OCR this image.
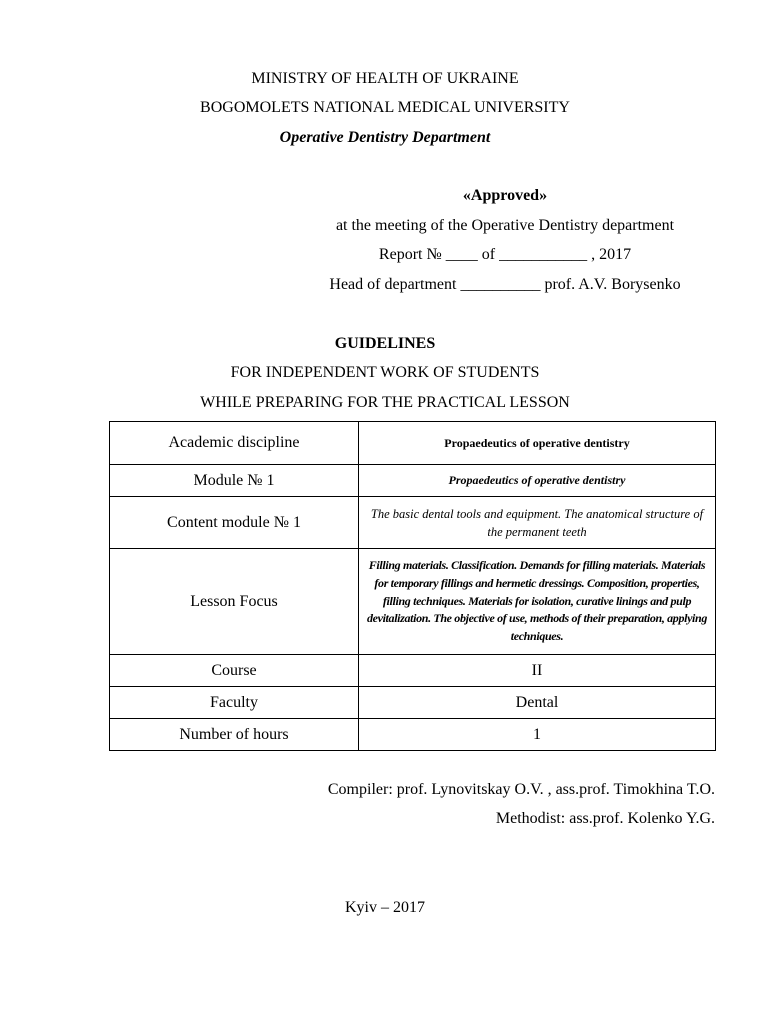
MINISTRY OF HEALTH OF UKRAINE
BOGOMOLETS NATIONAL MEDICAL UNIVERSITY
Operative Dentistry Department
«Approved»
at the meeting of the Operative Dentistry department
Report № ____ of ___________ , 2017
Head of department __________ prof. A.V. Borysenko
GUIDELINES
FOR INDEPENDENT WORK OF STUDENTS
WHILE PREPARING FOR THE PRACTICAL LESSON
Academic discipline	Propaedeutics of operative dentistry
Module № 1	Propaedeutics of operative dentistry
Content module № 1	The basic dental tools and equipment. The anatomical structure of the permanent teeth
Lesson Focus	Filling materials. Classification. Demands for filling materials. Materials for temporary fillings and hermetic dressings. Composition, properties, filling techniques. Materials for isolation, curative linings and pulp devitalization. The objective of use, methods of their preparation, applying techniques.
Course	II
Faculty	Dental
Number of hours	1
Compiler: prof. Lynovitskay O.V. , ass.prof. Timokhina T.O.
Methodist: ass.prof. Kolenko Y.G.
Kyiv – 2017
